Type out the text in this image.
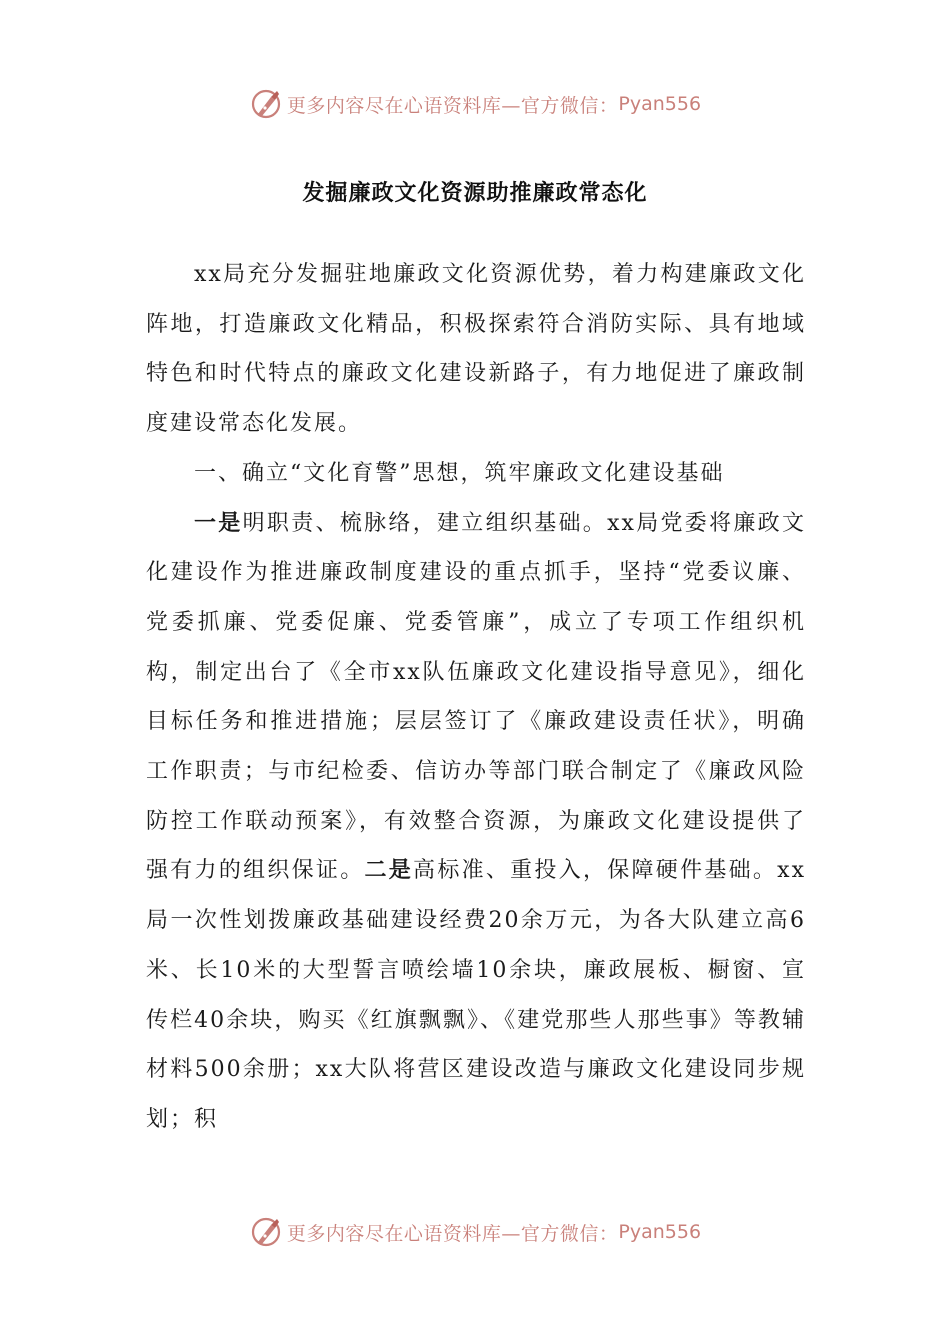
更多内容尽在心语资料库—官方微信： Pyan556
发掘廉政文化资源助推廉政常态化

xx局充分发掘驻地廉政文化资源优势，着力构建廉政文化阵地，打造廉政文化精品，积极探索符合消防实际、具有地域特色和时代特点的廉政文化建设新路子，有力地促进了廉政制度建设常态化发展。

一、确立“文化育警”思想，筑牢廉政文化建设基础

一是明职责、梳脉络，建立组织基础。xx局党委将廉政文化建设作为推进廉政制度建设的重点抓手，坚持“党委议廉、党委抓廉、党委促廉、党委管廉”，成立了专项工作组织机构，制定出台了《全市xx队伍廉政文化建设指导意见》，细化目标任务和推进措施；层层签订了《廉政建设责任状》，明确工作职责；与市纪检委、信访办等部门联合制定了《廉政风险防控工作联动预案》，有效整合资源，为廉政文化建设提供了强有力的组织保证。二是高标准、重投入，保障硬件基础。xx局一次性划拨廉政基础建设经费20余万元，为各大队建立高6米、长10米的大型誓言喷绘墙10余块，廉政展板、橱窗、宣传栏40余块，购买《红旗飘飘》、《建党那些人那些事》等教辅材料500余册；xx大队将营区建设改造与廉政文化建设同步规划；积

更多内容尽在心语资料库—官方微信： Pyan556
